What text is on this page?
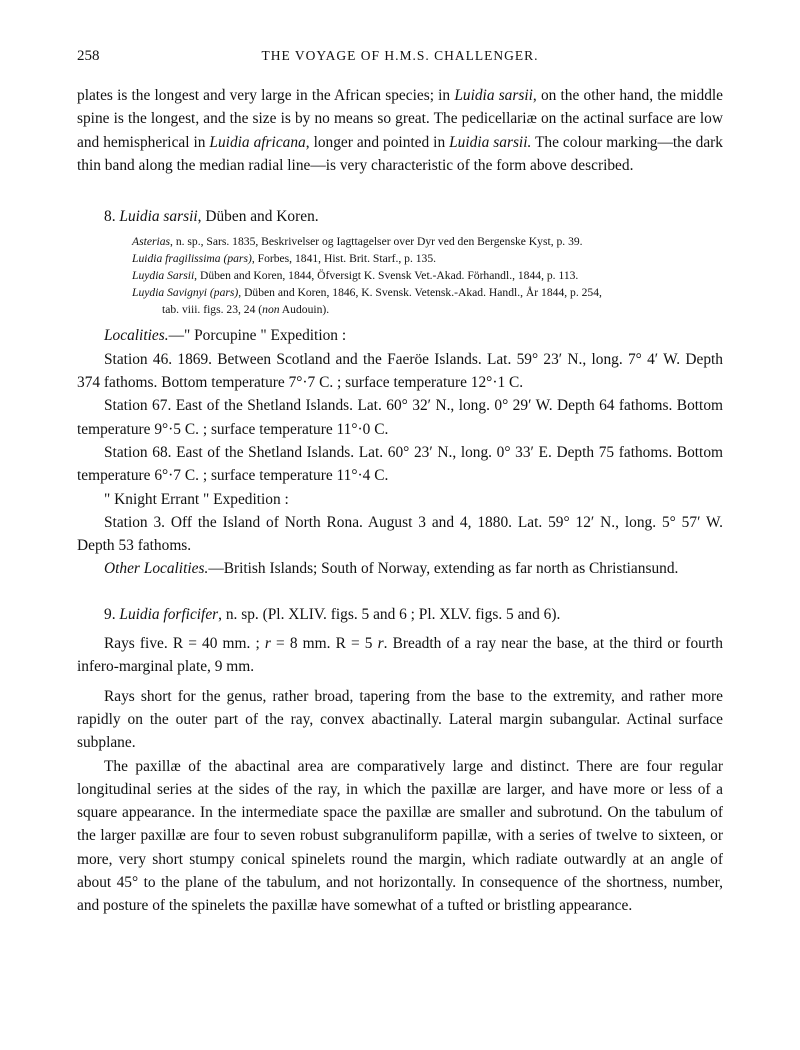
258	THE VOYAGE OF H.M.S. CHALLENGER.

plates is the longest and very large in the African species; in Luidia sarsii, on the other hand, the middle spine is the longest, and the size is by no means so great. The pedicellariæ on the actinal surface are low and hemispherical in Luidia africana, longer and pointed in Luidia sarsii. The colour marking—the dark thin band along the median radial line—is very characteristic of the form above described.

8. Luidia sarsii, Düben and Koren.

Asterias, n. sp., Sars. 1835, Beskrivelser og Iagttagelser over Dyr ved den Bergenske Kyst, p. 39.
Luidia fragilissima (pars), Forbes, 1841, Hist. Brit. Starf., p. 135.
Luydia Sarsii, Düben and Koren, 1844, Öfversigt K. Svensk Vet.-Akad. Förhandl., 1844, p. 113.
Luydia Savignyi (pars), Düben and Koren, 1846, K. Svensk. Vetensk.-Akad. Handl., År 1844, p. 254,
tab. viii. figs. 23, 24 (non Audouin).

Localities.—" Porcupine " Expedition :

Station 46. 1869. Between Scotland and the Faeröe Islands. Lat. 59° 23′ N., long. 7° 4′ W. Depth 374 fathoms. Bottom temperature 7°·7 C. ; surface temperature 12°·1 C.

Station 67. East of the Shetland Islands. Lat. 60° 32′ N., long. 0° 29′ W. Depth 64 fathoms. Bottom temperature 9°·5 C. ; surface temperature 11°·0 C.

Station 68. East of the Shetland Islands. Lat. 60° 23′ N., long. 0° 33′ E. Depth 75 fathoms. Bottom temperature 6°·7 C. ; surface temperature 11°·4 C.

" Knight Errant " Expedition :

Station 3. Off the Island of North Rona. August 3 and 4, 1880. Lat. 59° 12′ N., long. 5° 57′ W. Depth 53 fathoms.

Other Localities.—British Islands; South of Norway, extending as far north as Christiansund.

9. Luidia forficifer, n. sp. (Pl. XLIV. figs. 5 and 6 ; Pl. XLV. figs. 5 and 6).

Rays five. R = 40 mm. ; r = 8 mm. R = 5 r. Breadth of a ray near the base, at the third or fourth infero-marginal plate, 9 mm.

Rays short for the genus, rather broad, tapering from the base to the extremity, and rather more rapidly on the outer part of the ray, convex abactinally. Lateral margin subangular. Actinal surface subplane.

The paxillæ of the abactinal area are comparatively large and distinct. There are four regular longitudinal series at the sides of the ray, in which the paxillæ are larger, and have more or less of a square appearance. In the intermediate space the paxillæ are smaller and subrotund. On the tabulum of the larger paxillæ are four to seven robust subgranuliform papillæ, with a series of twelve to sixteen, or more, very short stumpy conical spinelets round the margin, which radiate outwardly at an angle of about 45° to the plane of the tabulum, and not horizontally. In consequence of the shortness, number, and posture of the spinelets the paxillæ have somewhat of a tufted or bristling appearance.
